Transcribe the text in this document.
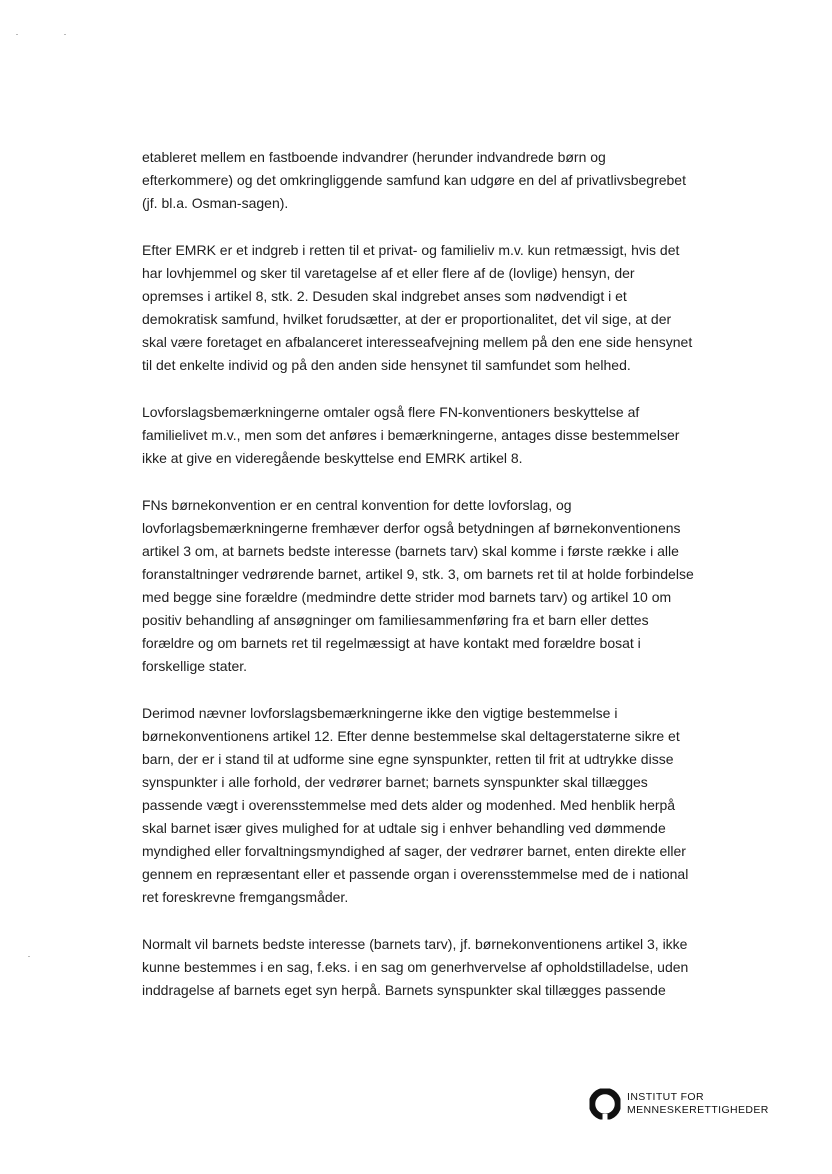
etableret mellem en fastboende indvandrer (herunder indvandrede børn og
efterkommere) og det omkringliggende samfund kan udgøre en del af privatlivsbegrebet
(jf. bl.a. Osman-sagen).

Efter EMRK er et indgreb i retten til et privat- og familieliv m.v. kun retmæssigt, hvis det
har lovhjemmel og sker til varetagelse af et eller flere af de (lovlige) hensyn, der
opremses i artikel 8, stk. 2. Desuden skal indgrebet anses som nødvendigt i et
demokratisk samfund, hvilket forudsætter, at der er proportionalitet, det vil sige, at der
skal være foretaget en afbalanceret interesseafvejning mellem på den ene side hensynet
til det enkelte individ og på den anden side hensynet til samfundet som helhed.

Lovforslagsbemærkningerne omtaler også flere FN-konventioners beskyttelse af
familielivet m.v., men som det anføres i bemærkningerne, antages disse bestemmelser
ikke at give en videregående beskyttelse end EMRK artikel 8.

FNs børnekonvention er en central konvention for dette lovforslag, og
lovforlagsbemærkningerne fremhæver derfor også betydningen af børnekonventionens
artikel 3 om, at barnets bedste interesse (barnets tarv) skal komme i første række i alle
foranstaltninger vedrørende barnet, artikel 9, stk. 3, om barnets ret til at holde forbindelse
med begge sine forældre (medmindre dette strider mod barnets tarv) og artikel 10 om
positiv behandling af ansøgninger om familiesammenføring fra et barn eller dettes
forældre og om barnets ret til regelmæssigt at have kontakt med forældre bosat i
forskellige stater.

Derimod nævner lovforslagsbemærkningerne ikke den vigtige bestemmelse i
børnekonventionens artikel 12. Efter denne bestemmelse skal deltagerstaterne sikre et
barn, der er i stand til at udforme sine egne synspunkter, retten til frit at udtrykke disse
synspunkter i alle forhold, der vedrører barnet; barnets synspunkter skal tillægges
passende vægt i overensstemmelse med dets alder og modenhed. Med henblik herpå
skal barnet især gives mulighed for at udtale sig i enhver behandling ved dømmende
myndighed eller forvaltningsmyndighed af sager, der vedrører barnet, enten direkte eller
gennem en repræsentant eller et passende organ i overensstemmelse med de i national
ret foreskrevne fremgangsmåder.

Normalt vil barnets bedste interesse (barnets tarv), jf. børnekonventionens artikel 3, ikke
kunne bestemmes i en sag, f.eks. i en sag om generhvervelse af opholdstilladelse, uden
inddragelse af barnets eget syn herpå. Barnets synspunkter skal tillægges passende

INSTITUT FOR
MENNESKERETTIGHEDER
